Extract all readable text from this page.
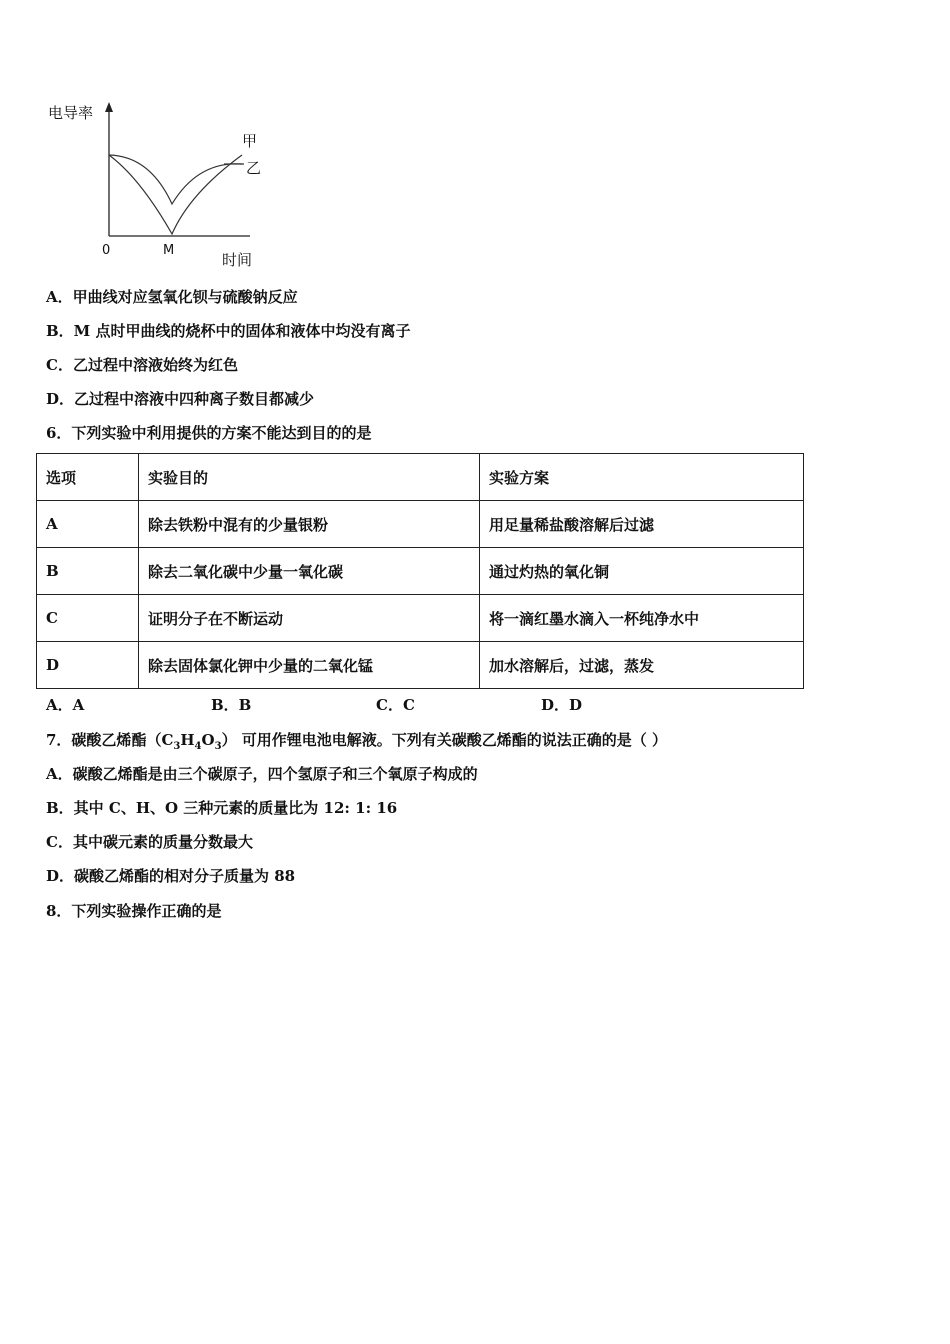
电导率
0	M
时间
甲
乙
A．甲曲线对应氢氧化钡与硫酸钠反应
B．M 点时甲曲线的烧杯中的固体和液体中均没有离子
C．乙过程中溶液始终为红色
D．乙过程中溶液中四种离子数目都减少
6．下列实验中利用提供的方案不能达到目的的是
选项	实验目的	实验方案
A	除去铁粉中混有的少量银粉	用足量稀盐酸溶解后过滤
B	除去二氧化碳中少量一氧化碳	通过灼热的氧化铜
C	证明分子在不断运动	将一滴红墨水滴入一杯纯净水中
D	除去固体氯化钾中少量的二氧化锰	加水溶解后，过滤，蒸发
A．A	B．B	C．C	D．D
7．碳酸乙烯酯$(C_3H_4O_3)$ 可用作锂电池电解液。下列有关碳酸乙烯酯的说法正确的是（ ）
A．碳酸乙烯酯是由三个碳原子，四个氢原子和三个氧原子构成的
B．其中 C、H、O 三种元素的质量比为 12: 1: 16
C．其中碳元素的质量分数最大
D．碳酸乙烯酯的相对分子质量为 88
8．下列实验操作正确的是
